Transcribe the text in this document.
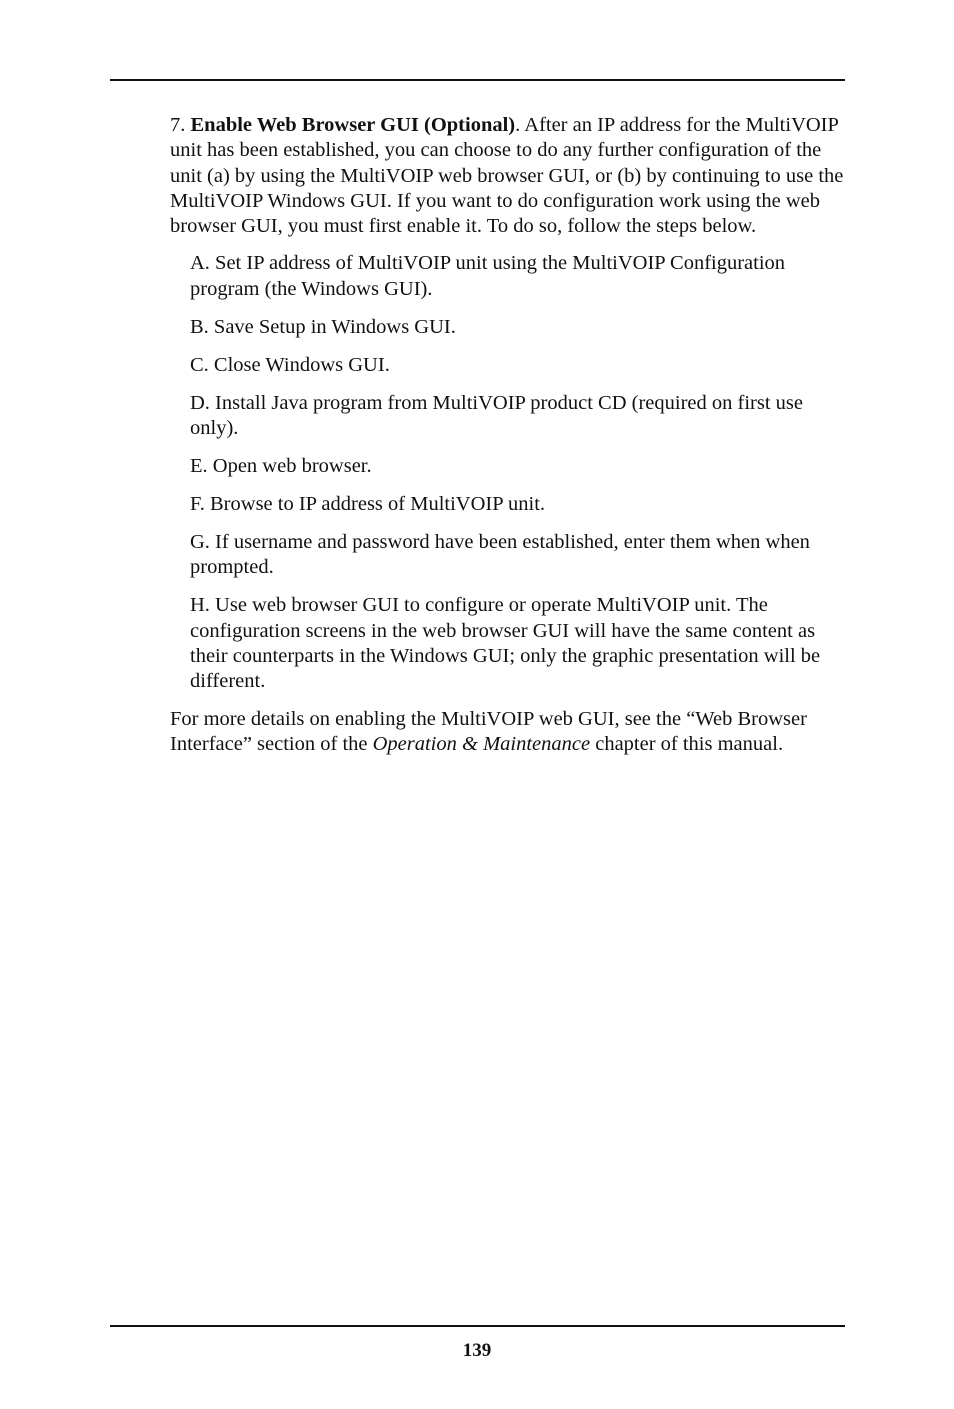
7. Enable Web Browser GUI (Optional). After an IP address for the MultiVOIP unit has been established, you can choose to do any further configuration of the unit (a) by using the MultiVOIP web browser GUI, or (b) by continuing to use the MultiVOIP Windows GUI. If you want to do configuration work using the web browser GUI, you must first enable it. To do so, follow the steps below.

A. Set IP address of MultiVOIP unit using the MultiVOIP Configuration program (the Windows GUI).
B. Save Setup in Windows GUI.
C. Close Windows GUI.
D. Install Java program from MultiVOIP product CD (required on first use only).
E. Open web browser.
F. Browse to IP address of MultiVOIP unit.
G. If username and password have been established, enter them when when prompted.
H. Use web browser GUI to configure or operate MultiVOIP unit. The configuration screens in the web browser GUI will have the same content as their counterparts in the Windows GUI; only the graphic presentation will be different.

For more details on enabling the MultiVOIP web GUI, see the “Web Browser Interface” section of the Operation & Maintenance chapter of this manual.

139
